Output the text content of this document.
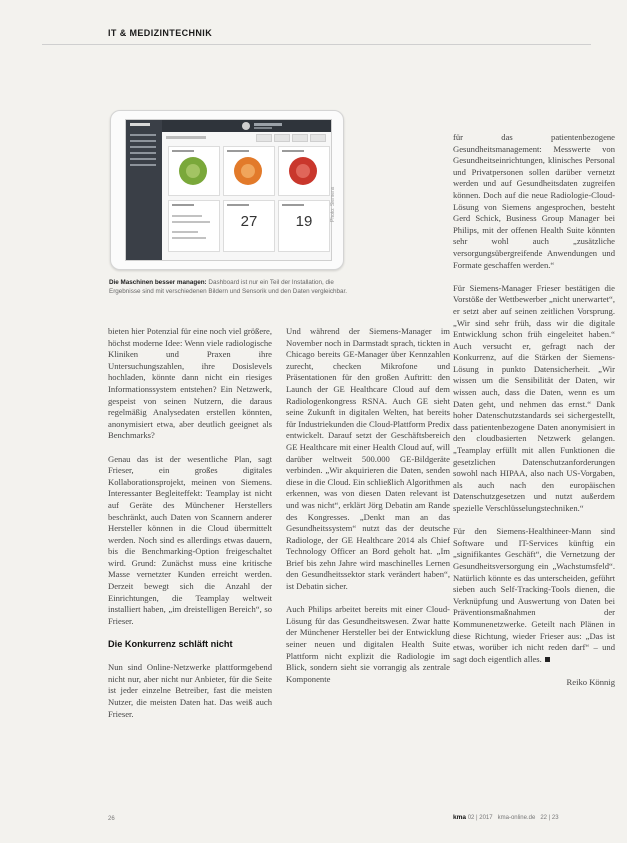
IT & MEDIZINTECHNIK
27	19	Photo: Siemens
Die Maschinen besser managen: Dashboard ist nur ein Teil der Installation, die Ergebnisse sind mit verschiedenen Bildern und Sensorik und den Daten vergleichbar.

bieten hier Potenzial für eine noch viel größere, höchst moderne Idee: Wenn viele radiologische Kliniken und Praxen ihre Untersuchungszahlen, ihre Dosislevels hochladen, könnte dann nicht ein riesiges Informationssystem entstehen? Ein Netzwerk, gespeist von seinen Nutzern, die daraus regelmäßig Analysedaten erstellen könnten, anonymisiert etwa, aber deutlich geeignet als Benchmarks?

Genau das ist der wesentliche Plan, sagt Frieser, ein großes digitales Kollaborationsprojekt, meinen von Siemens. Interessanter Begleiteffekt: Teamplay ist nicht auf Geräte des Münchener Herstellers beschränkt, auch Daten von Scannern anderer Hersteller können in die Cloud übermittelt werden. Noch sind es allerdings etwas dauern, bis die Benchmarking-Option freigeschaltet wird. Grund: Zunächst muss eine kritische Masse vernetzter Kunden erreicht werden. Derzeit bewegt sich die Anzahl der Einrichtungen, die Teamplay weltweit installiert haben, „im dreistelligen Bereich“, so Frieser.

Die Konkurrenz schläft nicht

Nun sind Online-Netzwerke plattformgebend nicht nur, aber nicht nur Anbieter, für die Seite ist jeder einzelne Betreiber, fast die meisten Nutzer, die meisten Daten hat. Das weiß auch Frieser.

Und während der Siemens-Manager im November noch in Darmstadt sprach, tickten in Chicago bereits GE-Manager über Kennzahlen zurecht, checken Mikrofone und Präsentationen für den großen Auftritt: den Launch der GE Healthcare Cloud auf dem Radiologenkongress RSNA. Auch GE sieht seine Zukunft in digitalen Welten, hat bereits für Industriekunden die Cloud-Plattform Predix entwickelt. Darauf setzt der Geschäftsbereich GE Healthcare mit einer Health Cloud auf, will darüber weltweit 500.000 GE-Bildgeräte verbinden. „Wir akquirieren die Daten, senden diese in die Cloud. Ein schließlich Algorithmen erkennen, was von diesen Daten relevant ist und was nicht“, erklärt Jörg Debatin am Rande des Kongresses. „Denkt man an das Gesundheitssystem“ nutzt das der deutsche Radiologe, der GE Healthcare 2014 als Chief Technology Officer an Bord geholt hat. „Im Brief bis zehn Jahre wird maschinelles Lernen den Gesundheitssektor stark verändert haben“, ist Debatin sicher.

Auch Philips arbeitet bereits mit einer Cloud-Lösung für das Gesundheitswesen. Zwar hatte der Münchener Hersteller bei der Entwicklung seiner neuen und digitalen Health Suite Plattform nicht explizit die Radiologie im Blick, sondern sieht sie vorrangig als zentrale Komponente

für das patientenbezogene Gesundheitsmanagement: Messwerte von Gesundheitseinrichtungen, klinisches Personal und Privatpersonen sollen darüber vernetzt werden und auf Gesundheitsdaten zugreifen können. Doch auf die neue Radiologie-Cloud-Lösung von Siemens angesprochen, besteht Gerd Schick, Business Group Manager bei Philips, mit der offenen Health Suite könnten sehr wohl auch „zusätzliche versorgungsübergreifende Anwendungen und Formate geschaffen werden.“

Für Siemens-Manager Frieser bestätigen die Vorstöße der Wettbewerber „nicht unerwartet“, er setzt aber auf seinen zeitlichen Vorsprung. „Wir sind sehr früh, dass wir die digitale Entwicklung schon früh eingeleitet haben.“ Auch versucht er, gefragt nach der Konkurrenz, auf die Stärken der Siemens-Lösung in punkto Datensicherheit. „Wir wissen um die Sensibilität der Daten, wir wissen auch, dass die Daten, wenn es um Daten geht, und nehmen das ernst.“ Dank hoher Datenschutzstandards sei sichergestellt, dass patientenbezogene Daten anonymisiert in den cloudbasierten Netzwerk gelangen. „Teamplay erfüllt mit allen Funktionen die gesetzlichen Datenschutzanforderungen sowohl nach HIPAA, also nach US-Vorgaben, als auch nach den europäischen Datenschutzgesetzen und nutzt außerdem spezielle Verschlüsselungstechniken.“

Für den Siemens-Healthineer-Mann sind Software und IT-Services künftig ein „signifikantes Geschäft“, die Vernetzung der Gesundheitsversorgung ein „Wachstumsfeld“. Natürlich könnte es das unterscheiden, geführt sieben auch Self-Tracking-Tools dienen, die Verknüpfung und Auswertung von Daten bei Präventionsmaßnahmen der Kommunenetzwerke. Geteilt nach Plänen in diese Richtung, wieder Frieser aus: „Das ist etwas, worüber ich nicht reden darf“ – und sagt doch eigentlich alles.

Reiko Könnig

26	kma 02 | 2017 kma-online.de 22 | 23
